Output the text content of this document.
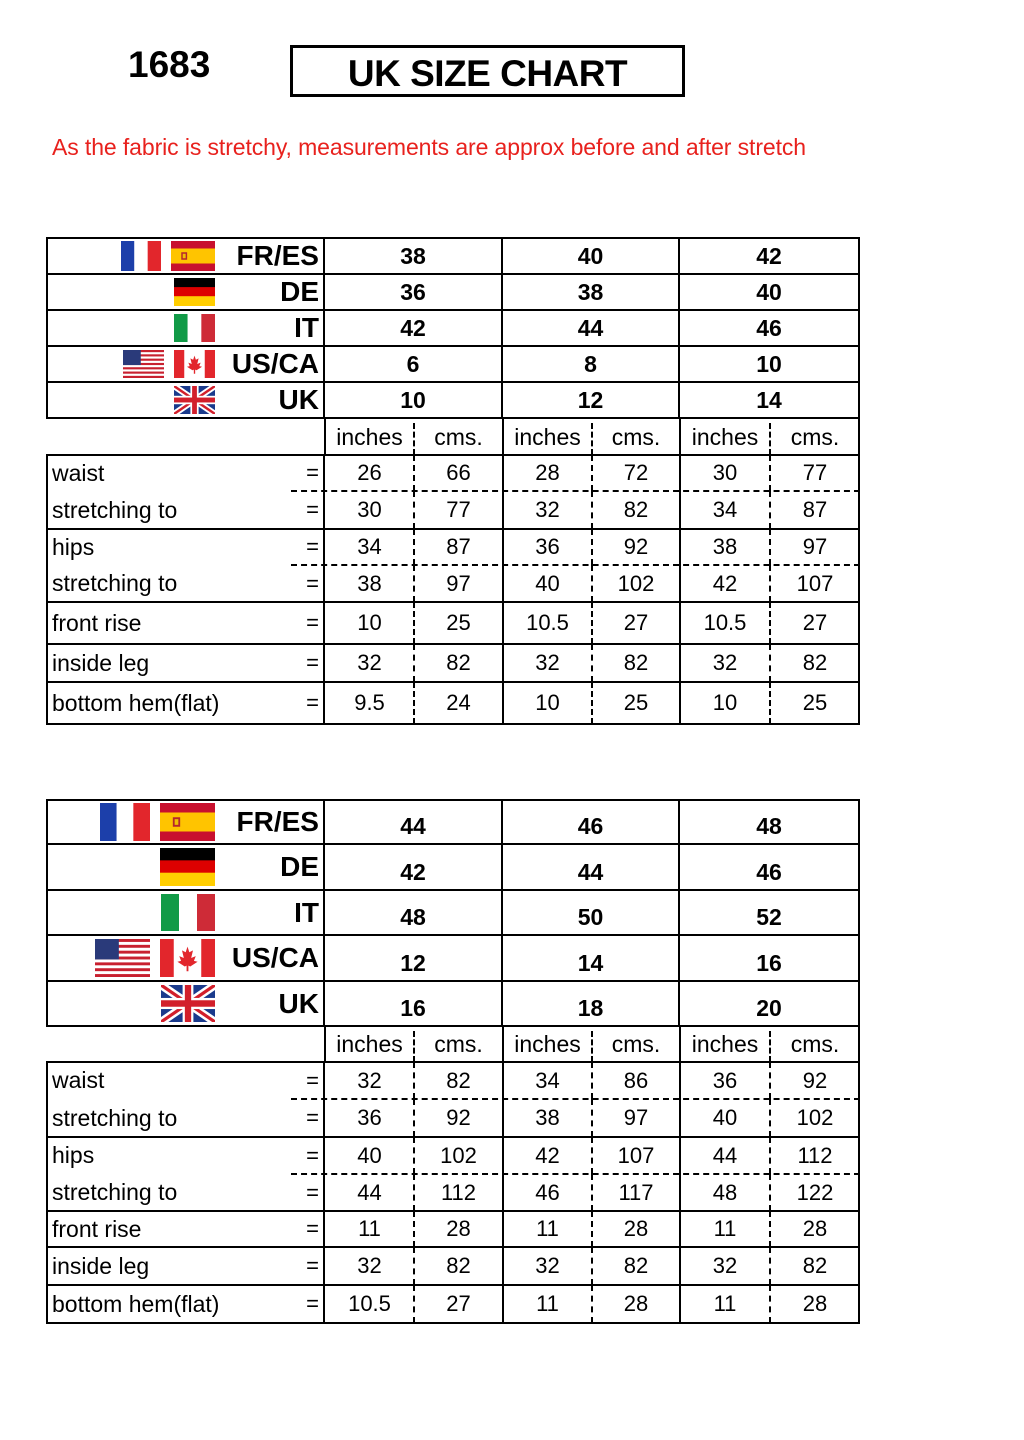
1683	UK SIZE CHART
As the fabric is stretchy, measurements are approx before and after stretch
FR/ES	38	40	42
DE	36	38	40
IT	42	44	46
US/CA	6	8	10
UK	10	12	14
inches	cms.	inches	cms.	inches	cms.
waist	=	26	66	28	72	30	77
stretching to	=	30	77	32	82	34	87
hips	=	34	87	36	92	38	97
stretching to	=	38	97	40	102	42	107
front rise	=	10	25	10.5	27	10.5	27
inside leg	=	32	82	32	82	32	82
bottom hem(flat)	=	9.5	24	10	25	10	25
FR/ES	44	46	48
DE	42	44	46
IT	48	50	52
US/CA	12	14	16
UK	16	18	20
inches	cms.	inches	cms.	inches	cms.
waist	=	32	82	34	86	36	92
stretching to	=	36	92	38	97	40	102
hips	=	40	102	42	107	44	112
stretching to	=	44	112	46	117	48	122
front rise	=	11	28	11	28	11	28
inside leg	=	32	82	32	82	32	82
bottom hem(flat)	=	10.5	27	11	28	11	28
